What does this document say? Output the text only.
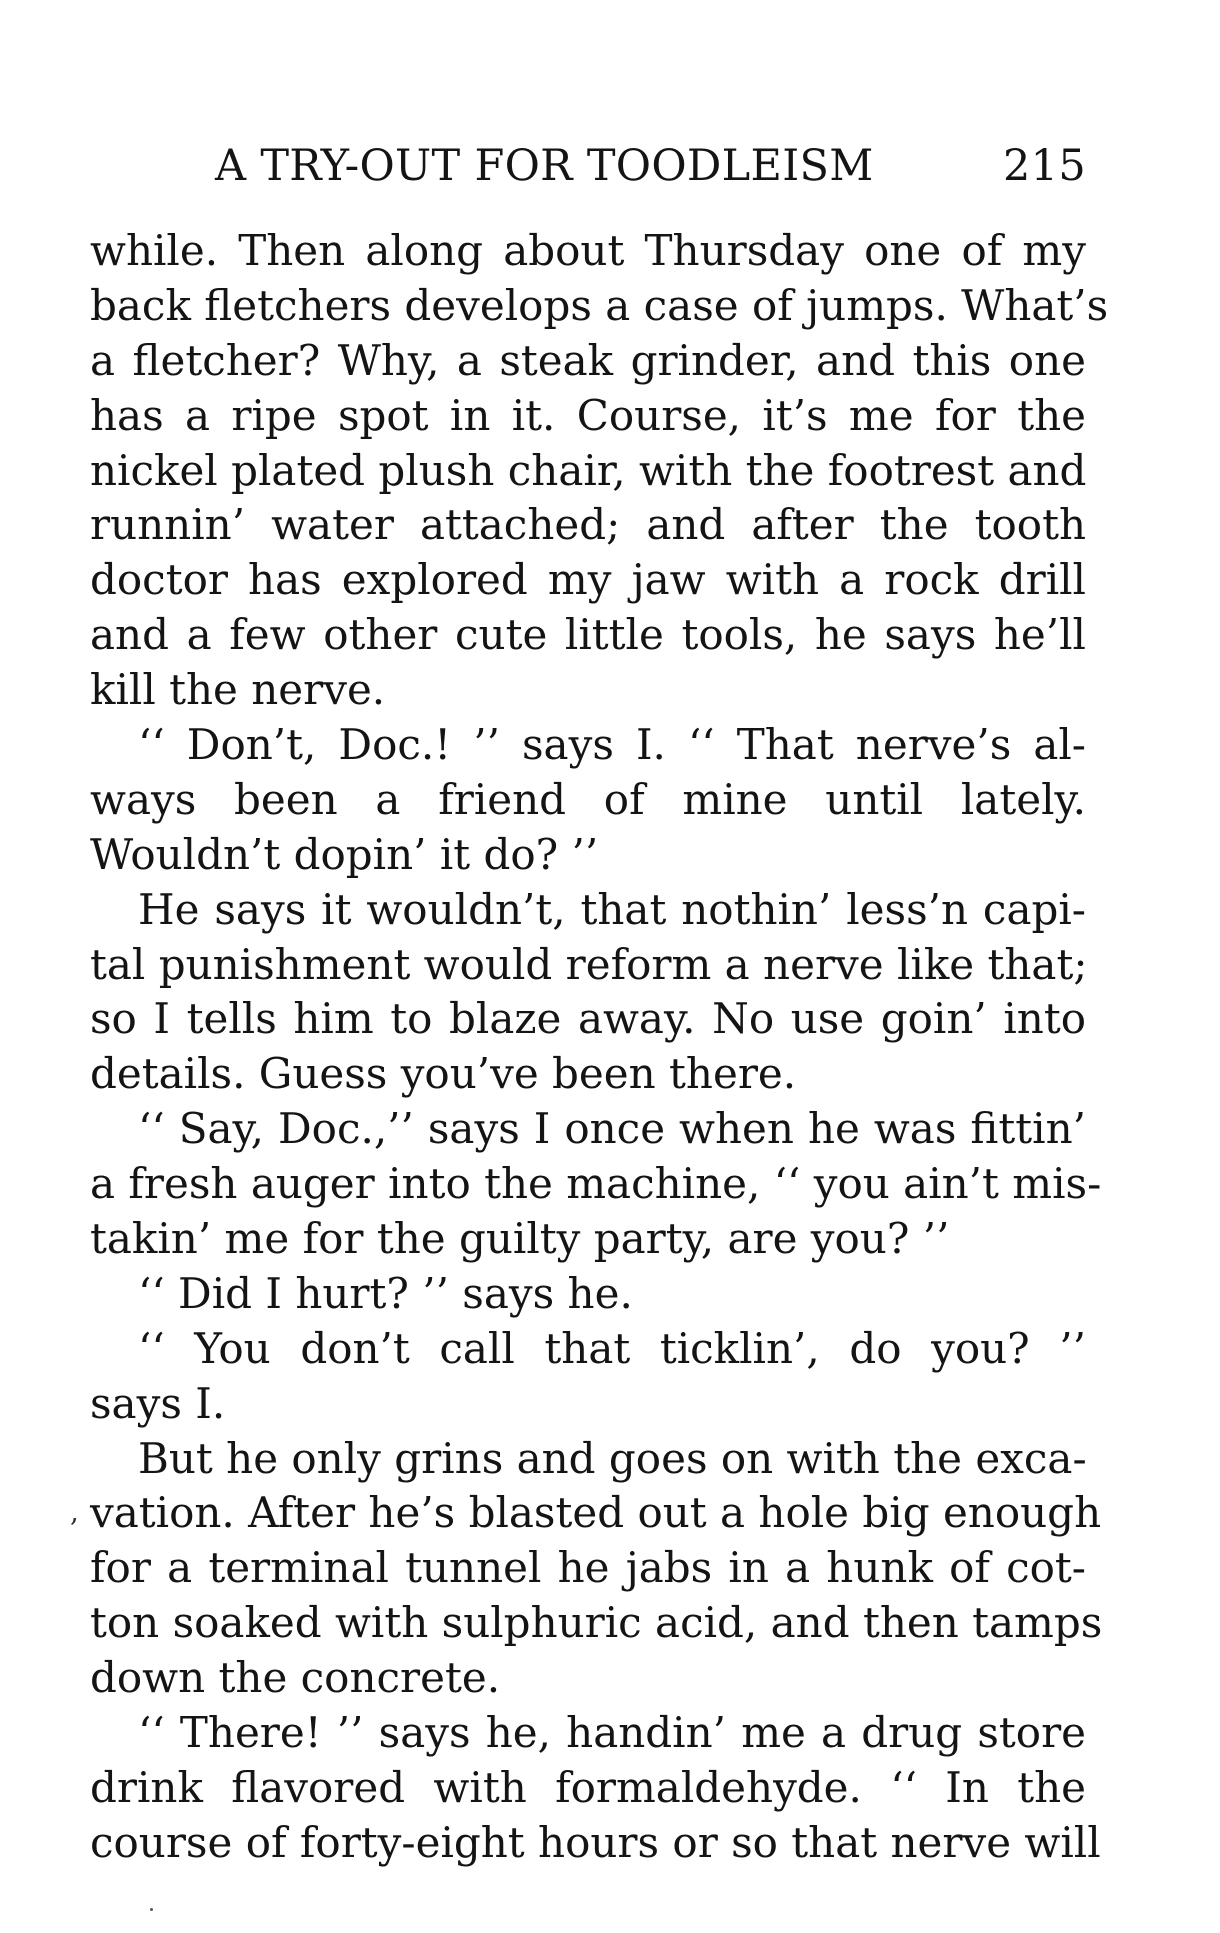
A TRY-OUT FOR TOODLEISM	215
while. Then along about Thursday one of my
back fletchers develops a case of jumps. What’s
a fletcher? Why, a steak grinder, and this one
has a ripe spot in it. Course, it’s me for the
nickel plated plush chair, with the footrest and
runnin’ water attached; and after the tooth
doctor has explored my jaw with a rock drill
and a few other cute little tools, he says he’ll
kill the nerve.
‘‘ Don’t, Doc.! ’’ says I. ‘‘ That nerve’s al-
ways been a friend of mine until lately.
Wouldn’t dopin’ it do? ’’
He says it wouldn’t, that nothin’ less’n capi-
tal punishment would reform a nerve like that;
so I tells him to blaze away. No use goin’ into
details. Guess you’ve been there.
‘‘ Say, Doc.,’’ says I once when he was fittin’
a fresh auger into the machine, ‘‘ you ain’t mis-
takin’ me for the guilty party, are you? ’’
‘‘ Did I hurt? ’’ says he.
‘‘ You don’t call that ticklin’, do you? ’’
says I.
But he only grins and goes on with the exca-
vation. After he’s blasted out a hole big enough
for a terminal tunnel he jabs in a hunk of cot-
ton soaked with sulphuric acid, and then tamps
down the concrete.
‘‘ There! ’’ says he, handin’ me a drug store
drink flavored with formaldehyde. ‘‘ In the
course of forty-eight hours or so that nerve will
,
